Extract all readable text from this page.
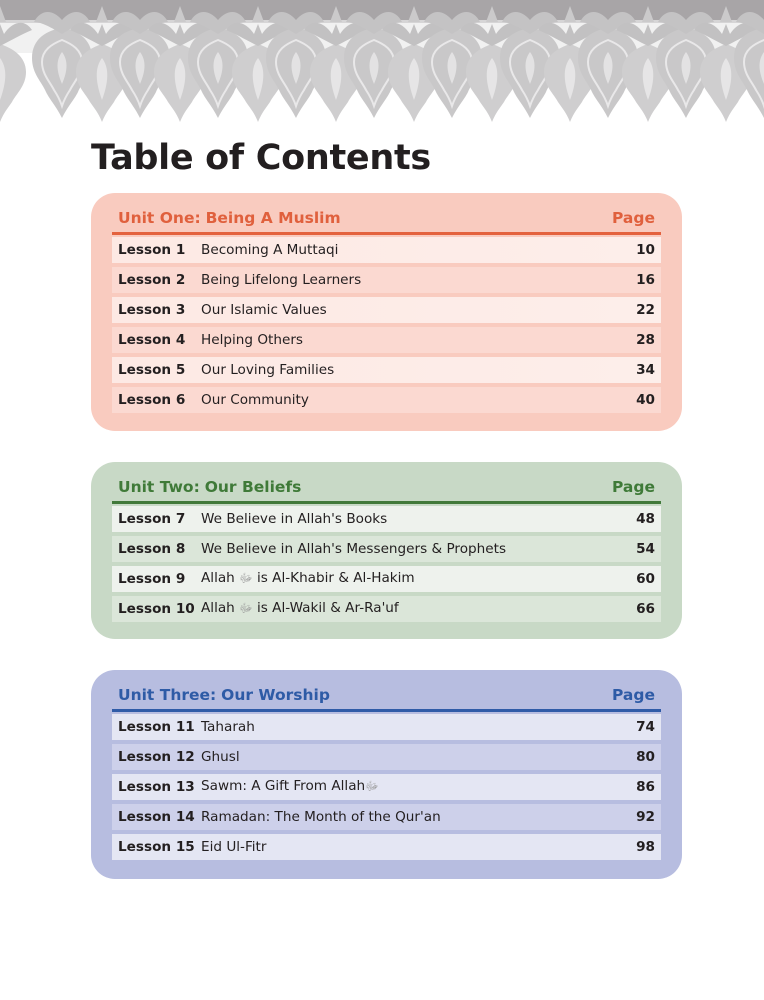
Table of Contents
Unit One: Being A Muslim	Page
Lesson 1	Becoming A Muttaqi	10
Lesson 2	Being Lifelong Learners	16
Lesson 3	Our Islamic Values	22
Lesson 4	Helping Others	28
Lesson 5	Our Loving Families	34
Lesson 6	Our Community	40
Unit Two: Our Beliefs	Page
Lesson 7	We Believe in Allah's Books	48
Lesson 8	We Believe in Allah's Messengers & Prophets	54
Lesson 9	Allah ﷻ is Al-Khabir & Al-Hakim	60
Lesson 10 Allah ﷻ is Al-Wakil & Ar-Ra'uf	66
Unit Three: Our Worship	Page
Lesson 11 Taharah	74
Lesson 12 Ghusl	80
Lesson 13 Sawm: A Gift From Allahﷻ	86
Lesson 14 Ramadan: The Month of the Qur'an	92
Lesson 15 Eid Ul-Fitr	98
